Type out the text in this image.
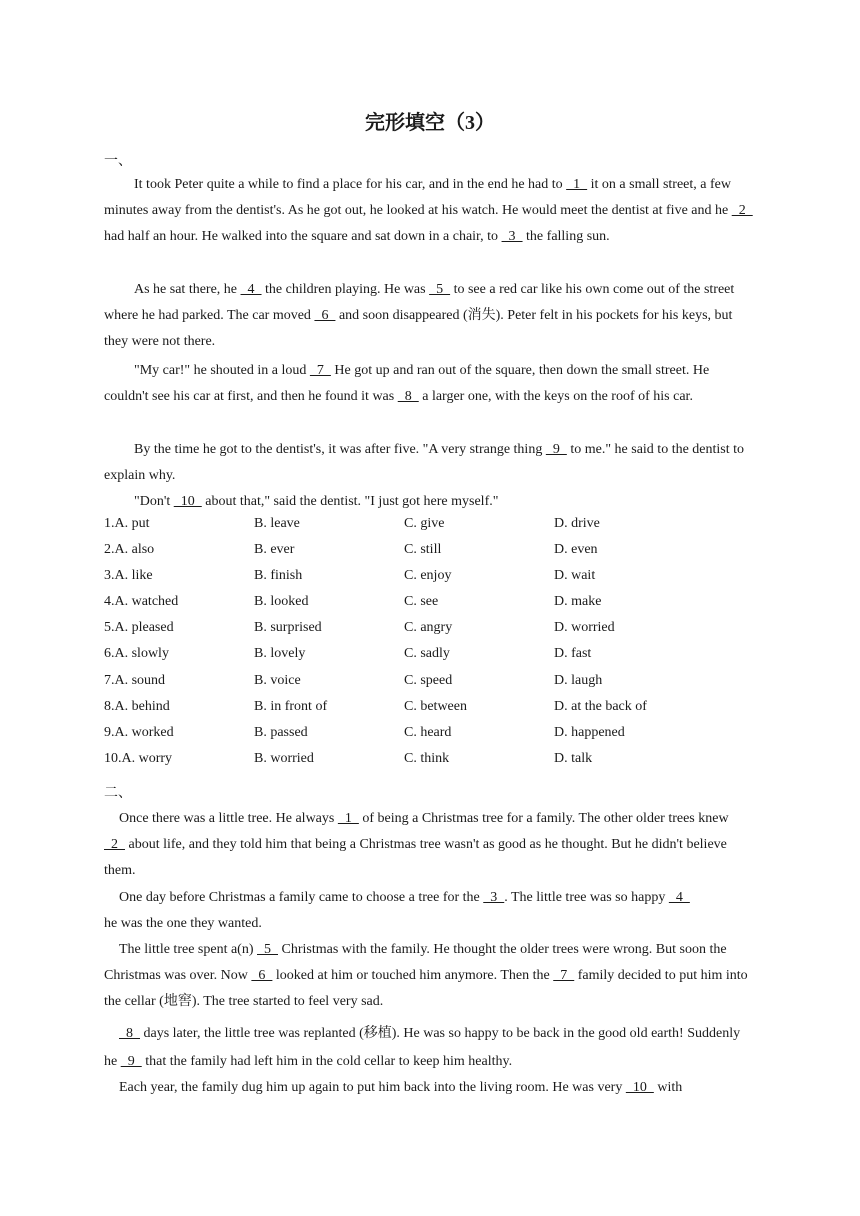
完形填空（3）
一、

It took Peter quite a while to find a place for his car, and in the end he had to   1   it on a small street, a few minutes away from the dentist's. As he got out, he looked at his watch. He would meet the dentist at five and he   2   had half an hour. He walked into the square and sat down in a chair, to   3   the falling sun.

As he sat there, he   4   the children playing. He was   5   to see a red car like his own come out of the street where he had parked. The car moved   6   and soon disappeared (消失). Peter felt in his pockets for his keys, but they were not there.

"My car!" he shouted in a loud   7   He got up and ran out of the square, then down the small street. He couldn't see his car at first, and then he found it was   8   a larger one, with the keys on the roof of his car.

By the time he got to the dentist's, it was after five. "A very strange thing   9   to me." he said to the dentist to explain why.

"Don't   10   about that," said the dentist. "I just got here myself."

1.A. put	B. leave	C. give	D. drive
2.A. also	B. ever	C. still	D. even
3.A. like	B. finish	C. enjoy	D. wait
4.A. watched	B. looked	C. see	D. make
5.A. pleased	B. surprised	C. angry	D. worried
6.A. slowly	B. lovely	C. sadly	D. fast
7.A. sound	B. voice	C. speed	D. laugh
8.A. behind	B. in front of	C. between	D. at the back of
9.A. worked	B. passed	C. heard	D. happened
10.A. worry	B. worried	C. think	D. talk
二、

Once there was a little tree. He always   1   of being a Christmas tree for a family. The other older trees knew   2   about life, and they told him that being a Christmas tree wasn't as good as he thought. But he didn't believe them.

One day before Christmas a family came to choose a tree for the   3  . The little tree was so happy   4   he was the one they wanted.

The little tree spent a(n)   5   Christmas with the family. He thought the older trees were wrong. But soon the Christmas was over. Now   6   looked at him or touched him anymore. Then the   7   family decided to put him into the cellar (地窖). The tree started to feel very sad.

8   days later, the little tree was replanted (移植). He was so happy to be back in the good old earth! Suddenly he   9   that the family had left him in the cold cellar to keep him healthy.

Each year, the family dug him up again to put him back into the living room. He was very   10   with
